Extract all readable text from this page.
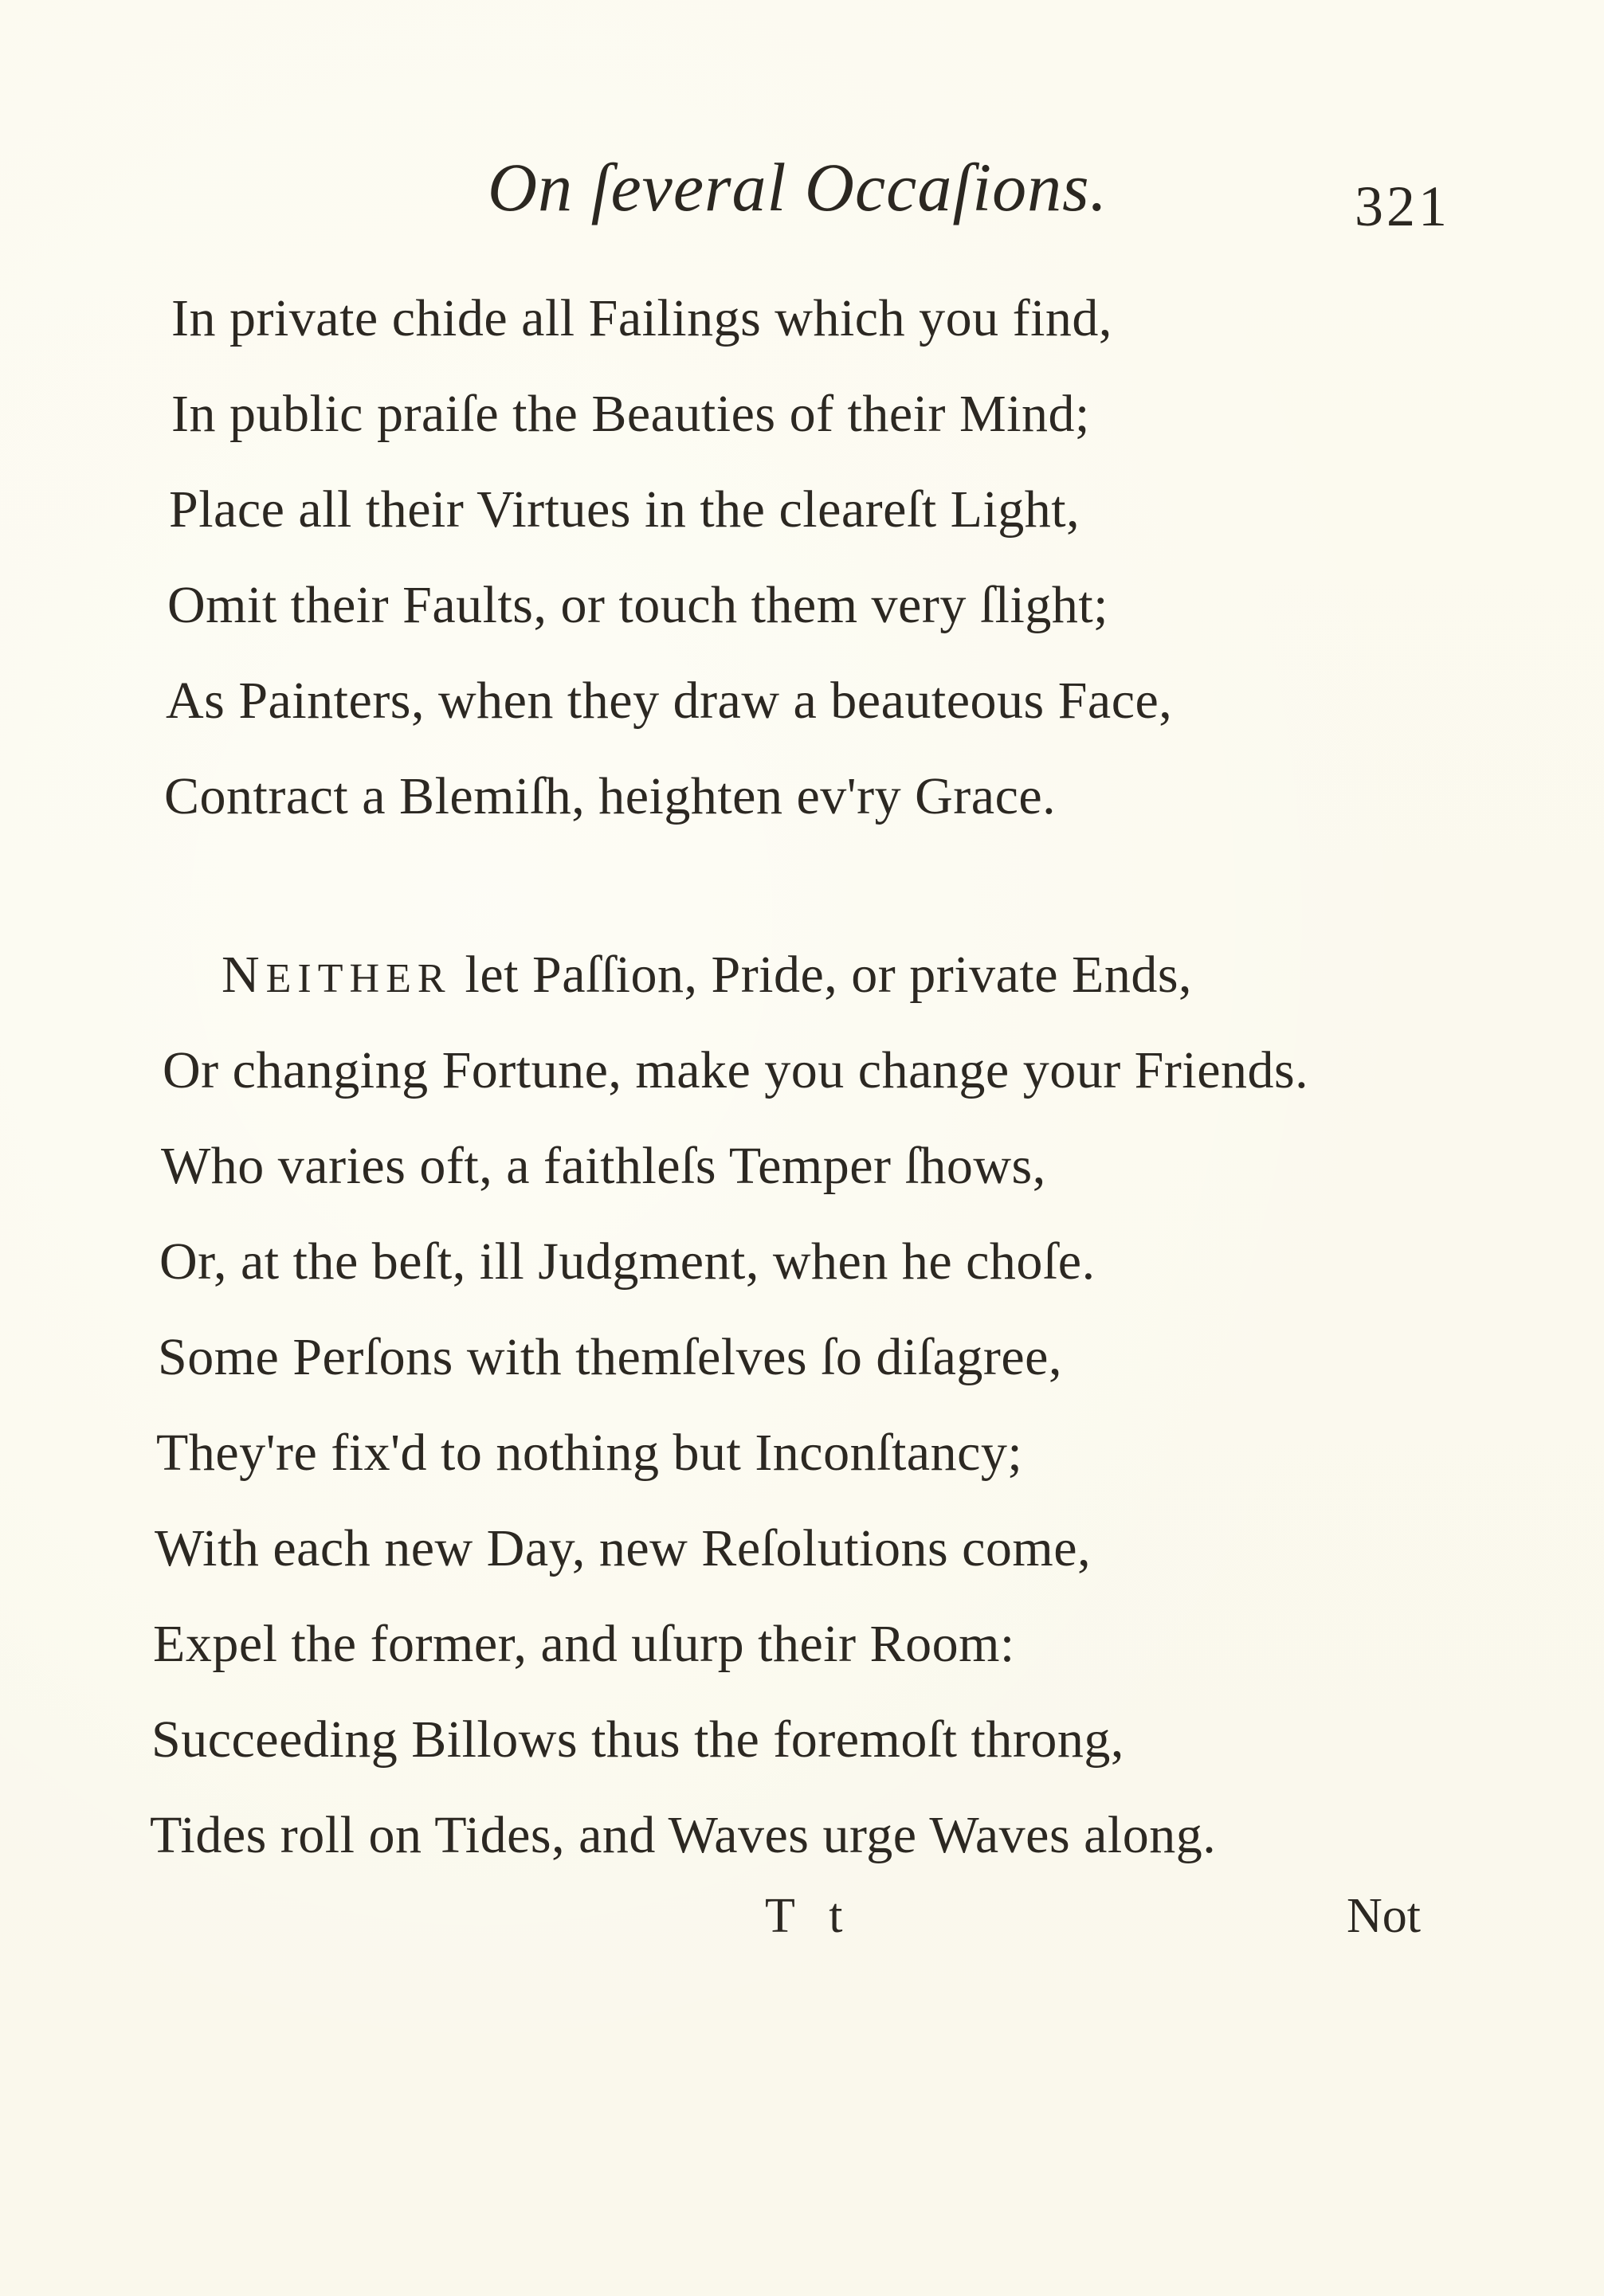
On ſeveral Occaſions.	321
In private chide all Failings which you find,
In public praiſe the Beauties of their Mind;
Place all their Virtues in the cleareſt Light,
Omit their Faults, or touch them very ſlight;
As Painters, when they draw a beauteous Face,
Contract a Blemiſh, heighten ev'ry Grace.
NEITHER let Paſſion, Pride, or private Ends,
Or changing Fortune, make you change your Friends.
Who varies oft, a faithleſs Temper ſhows,
Or, at the beſt, ill Judgment, when he choſe.
Some Perſons with themſelves ſo diſagree,
They're fix'd to nothing but Inconſtancy;
With each new Day, new Reſolutions come,
Expel the former, and uſurp their Room:
Succeeding Billows thus the foremoſt throng,
Tides roll on Tides, and Waves urge Waves along.
T t	Not
